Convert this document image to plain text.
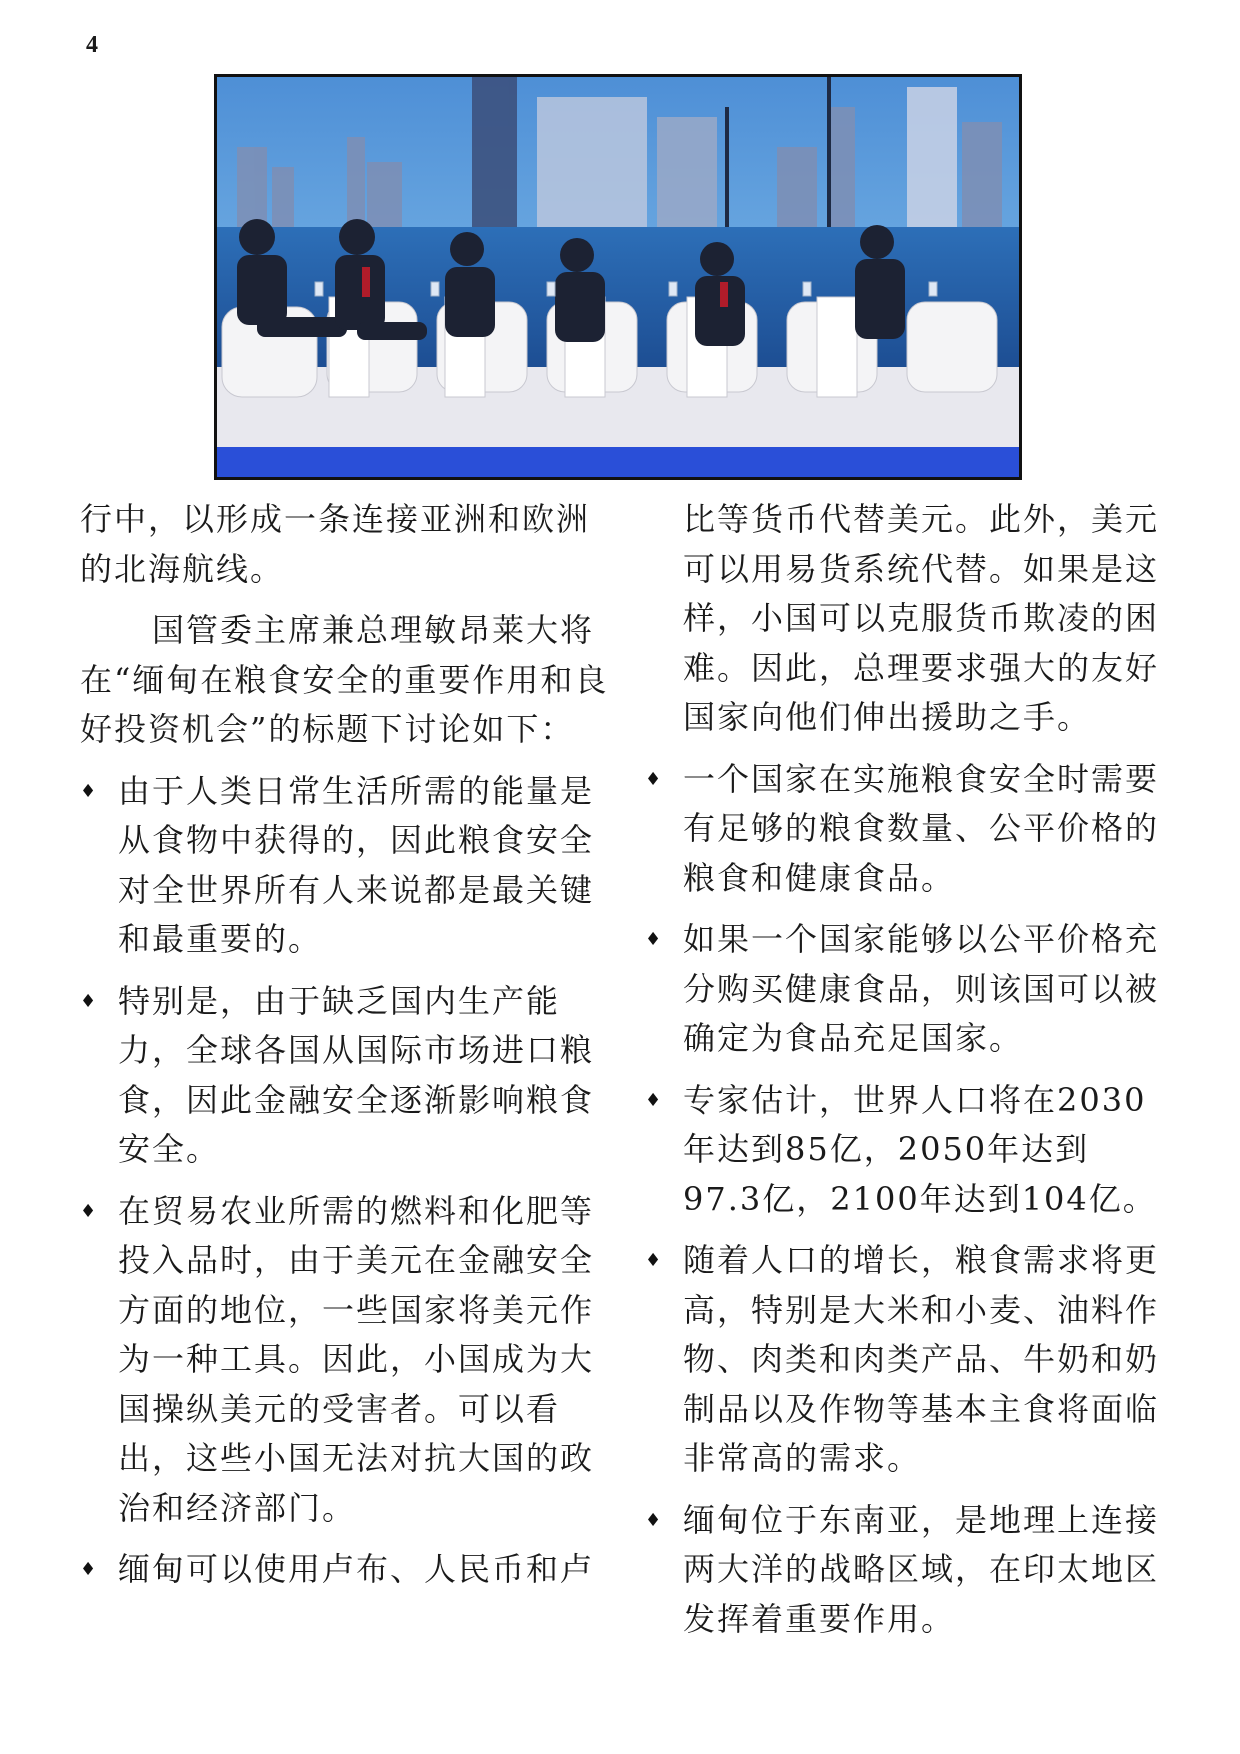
4

行中，以形成一条连接亚洲和欧洲的北海航线。

国管委主席兼总理敏昂莱大将在“缅甸在粮食安全的重要作用和良好投资机会”的标题下讨论如下：

♦ 由于人类日常生活所需的能量是从食物中获得的，因此粮食安全对全世界所有人来说都是最关键和最重要的。
♦ 特别是，由于缺乏国内生产能力，全球各国从国际市场进口粮食，因此金融安全逐渐影响粮食安全。
♦ 在贸易农业所需的燃料和化肥等投入品时，由于美元在金融安全方面的地位，一些国家将美元作为一种工具。因此，小国成为大国操纵美元的受害者。可以看出，这些小国无法对抗大国的政治和经济部门。
♦ 缅甸可以使用卢布、人民币和卢

比等货币代替美元。此外，美元可以用易货系统代替。如果是这样，小国可以克服货币欺凌的困难。因此，总理要求强大的友好国家向他们伸出援助之手。

♦ 一个国家在实施粮食安全时需要有足够的粮食数量、公平价格的粮食和健康食品。
♦ 如果一个国家能够以公平价格充分购买健康食品，则该国可以被确定为食品充足国家。
♦ 专家估计，世界人口将在2030年达到85亿，2050年达到97.3亿，2100年达到104亿。
♦ 随着人口的增长，粮食需求将更高，特别是大米和小麦、油料作物、肉类和肉类产品、牛奶和奶制品以及作物等基本主食将面临非常高的需求。
♦ 缅甸位于东南亚，是地理上连接两大洋的战略区域，在印太地区发挥着重要作用。
